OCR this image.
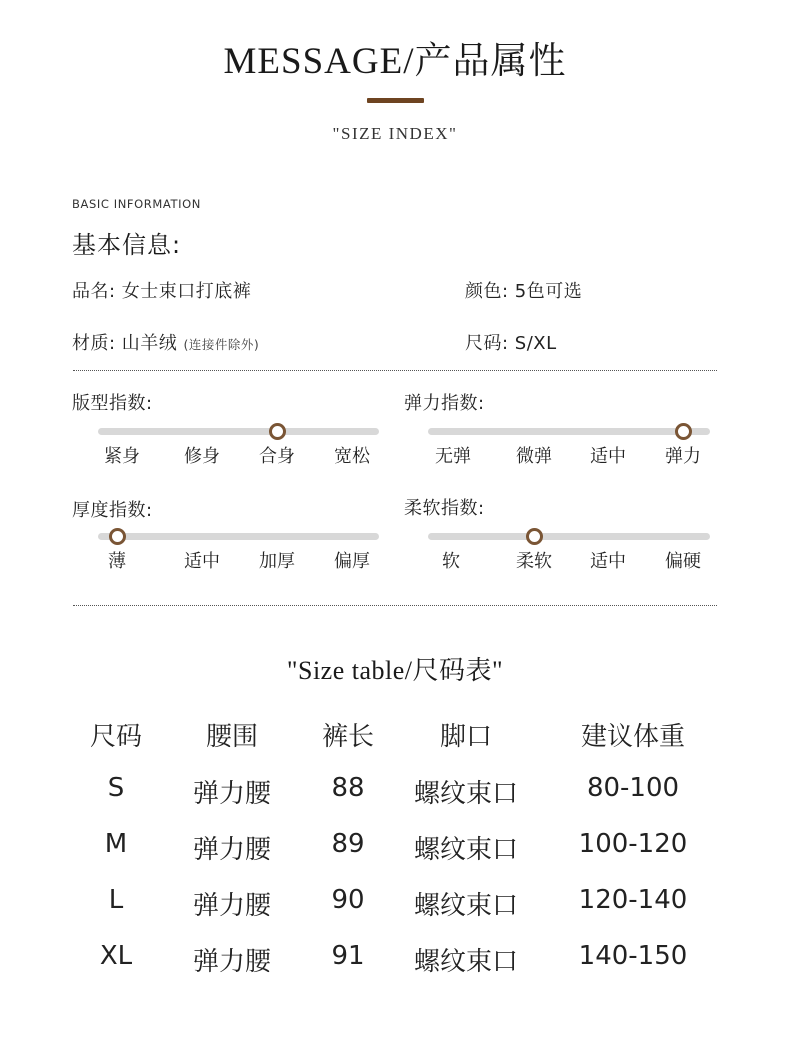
MESSAGE/产品属性
"SIZE INDEX"
BASIC INFORMATION
基本信息:
品名: 女士束口打底裤	颜色: 5色可选
材质: 山羊绒 (连接件除外)	尺码: S/XL
版型指数:
紧身	修身	合身	宽松
弹力指数:
无弹	微弹	适中	弹力
厚度指数:
薄	适中	加厚	偏厚
柔软指数:
软	柔软	适中	偏硬
"Size table/尺码表"
尺码	腰围	裤长	脚口	建议体重
S	弹力腰	88	螺纹束口	80-100
M	弹力腰	89	螺纹束口	100-120
L	弹力腰	90	螺纹束口	120-140
XL	弹力腰	91	螺纹束口	140-150
